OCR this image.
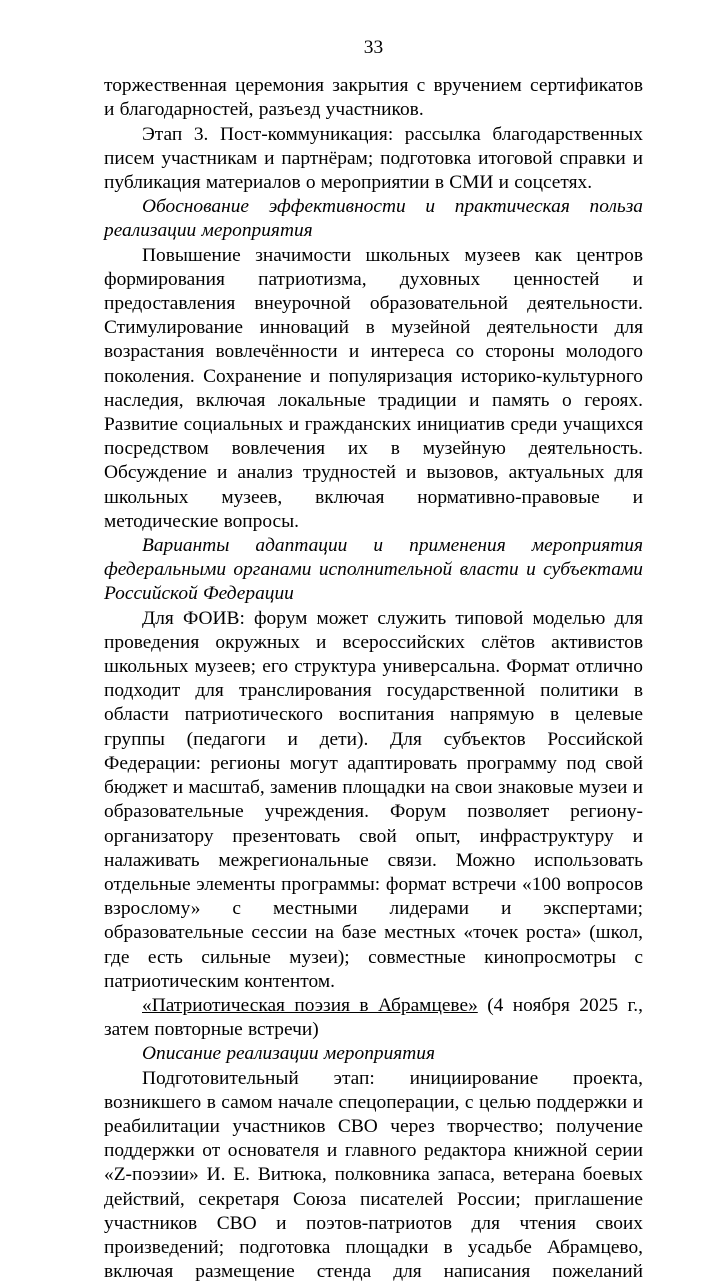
33

торжественная церемония закрытия с вручением сертификатов и благодарностей, разъезд участников.

Этап 3. Пост-коммуникация: рассылка благодарственных писем участникам и партнёрам; подготовка итоговой справки и публикация материалов о мероприятии в СМИ и соцсетях.

Обоснование эффективности и практическая польза реализации мероприятия

Повышение значимости школьных музеев как центров формирования патриотизма, духовных ценностей и предоставления внеурочной образовательной деятельности. Стимулирование инноваций в музейной деятельности для возрастания вовлечённости и интереса со стороны молодого поколения. Сохранение и популяризация историко-культурного наследия, включая локальные традиции и память о героях. Развитие социальных и гражданских инициатив среди учащихся посредством вовлечения их в музейную деятельность. Обсуждение и анализ трудностей и вызовов, актуальных для школьных музеев, включая нормативно-правовые и методические вопросы.

Варианты адаптации и применения мероприятия федеральными органами исполнительной власти и субъектами Российской Федерации

Для ФОИВ: форум может служить типовой моделью для проведения окружных и всероссийских слётов активистов школьных музеев; его структура универсальна. Формат отлично подходит для транслирования государственной политики в области патриотического воспитания напрямую в целевые группы (педагоги и дети). Для субъектов Российской Федерации: регионы могут адаптировать программу под свой бюджет и масштаб, заменив площадки на свои знаковые музеи и образовательные учреждения. Форум позволяет региону-организатору презентовать свой опыт, инфраструктуру и налаживать межрегиональные связи. Можно использовать отдельные элементы программы: формат встречи «100 вопросов взрослому» с местными лидерами и экспертами; образовательные сессии на базе местных «точек роста» (школ, где есть сильные музеи); совместные кинопросмотры с патриотическим контентом.

«Патриотическая поэзия в Абрамцеве» (4 ноября 2025 г., затем повторные встречи)

Описание реализации мероприятия

Подготовительный этап: инициирование проекта, возникшего в самом начале спецоперации, с целью поддержки и реабилитации участников СВО через творчество; получение поддержки от основателя и главного редактора книжной серии «Z-поэзии» И. Е. Витюка, полковника запаса, ветерана боевых действий, секретаря Союза писателей России; приглашение участников СВО и поэтов-патриотов для чтения своих произведений; подготовка площадки в усадьбе Абрамцево, включая размещение стенда для написания пожеланий
